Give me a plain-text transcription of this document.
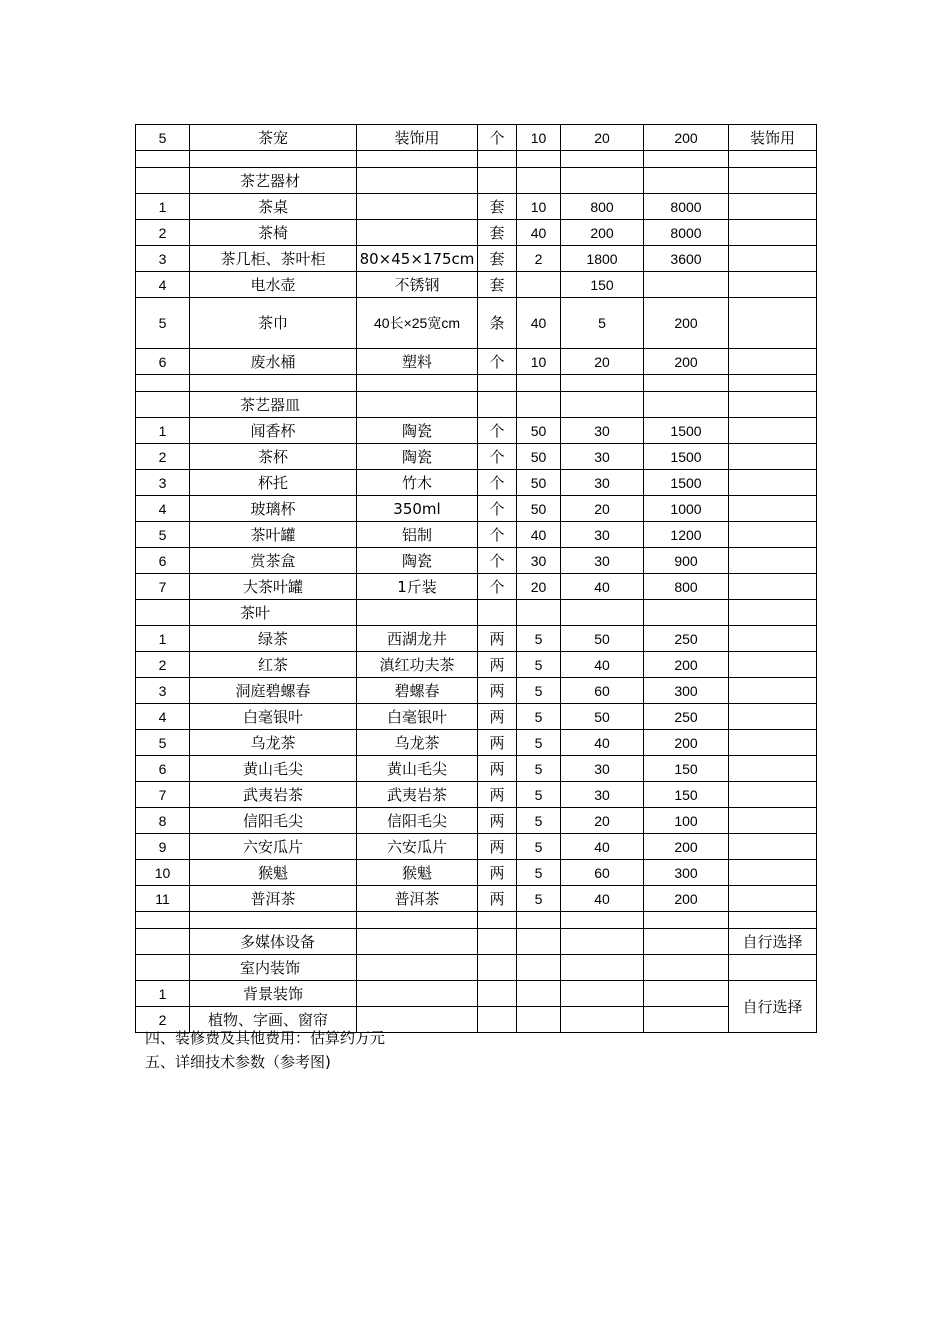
5	茶宠	装饰用	个	10	20	200	装饰用

	茶艺器材						
1	茶桌		套	10	800	8000	
2	茶椅		套	40	200	8000	
3	茶几柜、茶叶柜	80×45×175cm	套	2	1800	3600	
4	电水壶	不锈钢	套		150		
5	茶巾	40长×25宽cm	条	40	5	200	
6	废水桶	塑料	个	10	20	200	

	茶艺器皿						
1	闻香杯	陶瓷	个	50	30	1500	
2	茶杯	陶瓷	个	50	30	1500	
3	杯托	竹木	个	50	30	1500	
4	玻璃杯	350ml	个	50	20	1000	
5	茶叶罐	铝制	个	40	30	1200	
6	赏茶盒	陶瓷	个	30	30	900	
7	大茶叶罐	1斤装	个	20	40	800	
	茶叶						
1	绿茶	西湖龙井	两	5	50	250	
2	红茶	滇红功夫茶	两	5	40	200	
3	洞庭碧螺春	碧螺春	两	5	60	300	
4	白毫银叶	白毫银叶	两	5	50	250	
5	乌龙茶	乌龙茶	两	5	40	200	
6	黄山毛尖	黄山毛尖	两	5	30	150	
7	武夷岩茶	武夷岩茶	两	5	30	150	
8	信阳毛尖	信阳毛尖	两	5	20	100	
9	六安瓜片	六安瓜片	两	5	40	200	
10	猴魁	猴魁	两	5	60	300	
11	普洱茶	普洱茶	两	5	40	200	

	多媒体设备						自行选择
	室内装饰						
1	背景装饰						自行选择
2	植物、字画、窗帘						
四、装修费及其他费用：估算约万元
五、详细技术参数（参考图)
